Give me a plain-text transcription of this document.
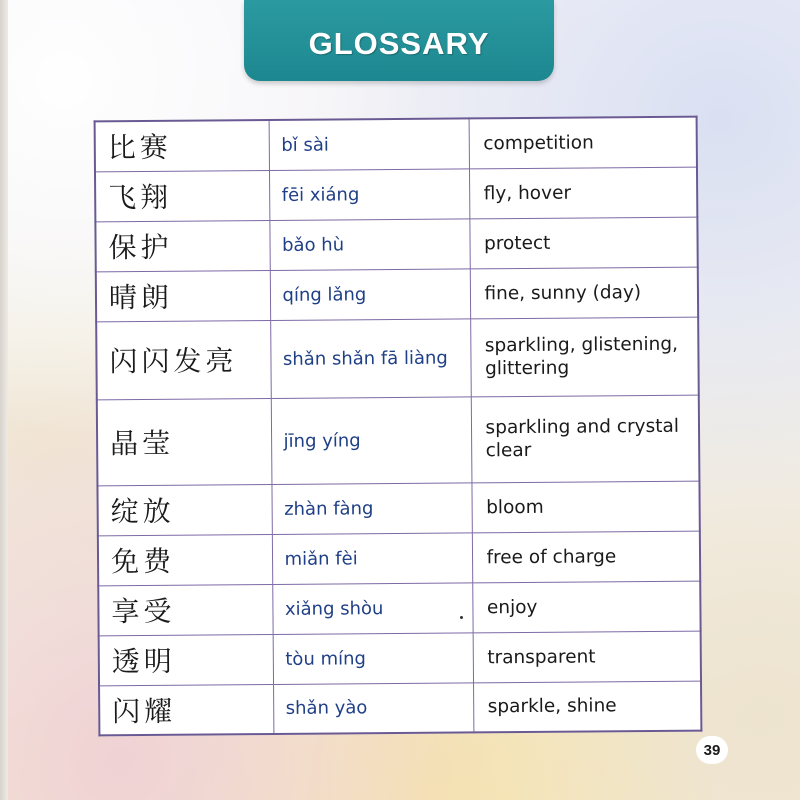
GLOSSARY
比赛	bǐ sài	competition
飞翔	fēi xiáng	fly, hover
保护	bǎo hù	protect
晴朗	qíng lǎng	fine, sunny (day)
闪闪发亮	shǎn shǎn fā liàng	sparkling, glistening, glittering
晶莹	jīng yíng	sparkling and crystal clear
绽放	zhàn fàng	bloom
免费	miǎn fèi	free of charge
享受	xiǎng shòu	enjoy
透明	tòu míng	transparent
闪耀	shǎn yào	sparkle, shine
39
